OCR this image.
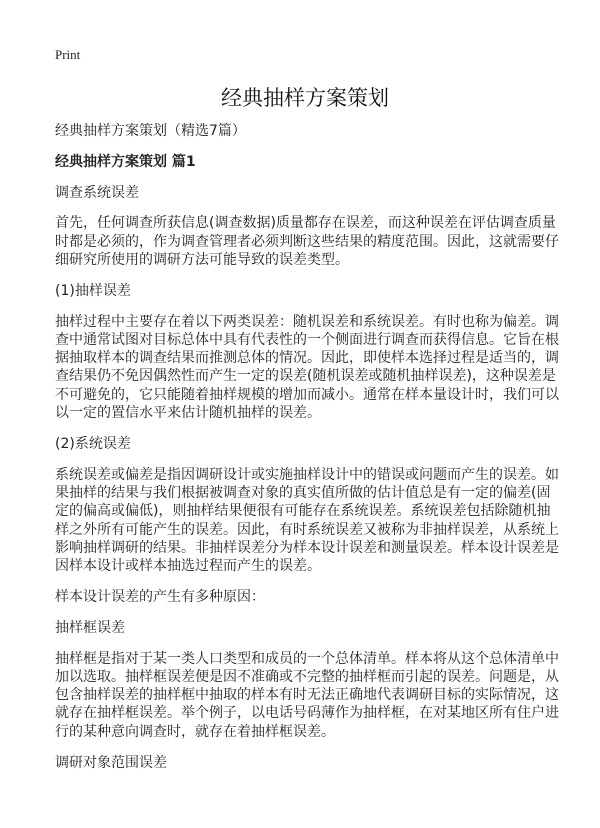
Print
经典抽样方案策划
经典抽样方案策划（精选7篇）
经典抽样方案策划 篇1
调查系统误差
首先，任何调查所获信息(调查数据)质量都存在误差，而这种误差在评估调查质量
时都是必须的，作为调查管理者必须判断这些结果的精度范围。因此，这就需要仔
细研究所使用的调研方法可能导致的误差类型。
(1)抽样误差
抽样过程中主要存在着以下两类误差：随机误差和系统误差。有时也称为偏差。调
查中通常试图对目标总体中具有代表性的一个侧面进行调查而获得信息。它旨在根
据抽取样本的调查结果而推测总体的情况。因此，即使样本选择过程是适当的，调
查结果仍不免因偶然性而产生一定的误差(随机误差或随机抽样误差)，这种误差是
不可避免的，它只能随着抽样规模的增加而减小。通常在样本量设计时，我们可以
以一定的置信水平来估计随机抽样的误差。
(2)系统误差
系统误差或偏差是指因调研设计或实施抽样设计中的错误或问题而产生的误差。如
果抽样的结果与我们根据被调查对象的真实值所做的估计值总是有一定的偏差(固
定的偏高或偏低)，则抽样结果便很有可能存在系统误差。系统误差包括除随机抽
样之外所有可能产生的误差。因此，有时系统误差又被称为非抽样误差，从系统上
影响抽样调研的结果。非抽样误差分为样本设计误差和测量误差。样本设计误差是
因样本设计或样本抽选过程而产生的误差。
样本设计误差的产生有多种原因：
抽样框误差
抽样框是指对于某一类人口类型和成员的一个总体清单。样本将从这个总体清单中
加以选取。抽样框误差便是因不准确或不完整的抽样框而引起的误差。问题是，从
包含抽样误差的抽样框中抽取的样本有时无法正确地代表调研目标的实际情况，这
就存在抽样框误差。举个例子，以电话号码薄作为抽样框，在对某地区所有住户进
行的某种意向调查时，就存在着抽样框误差。
调研对象范围误差
